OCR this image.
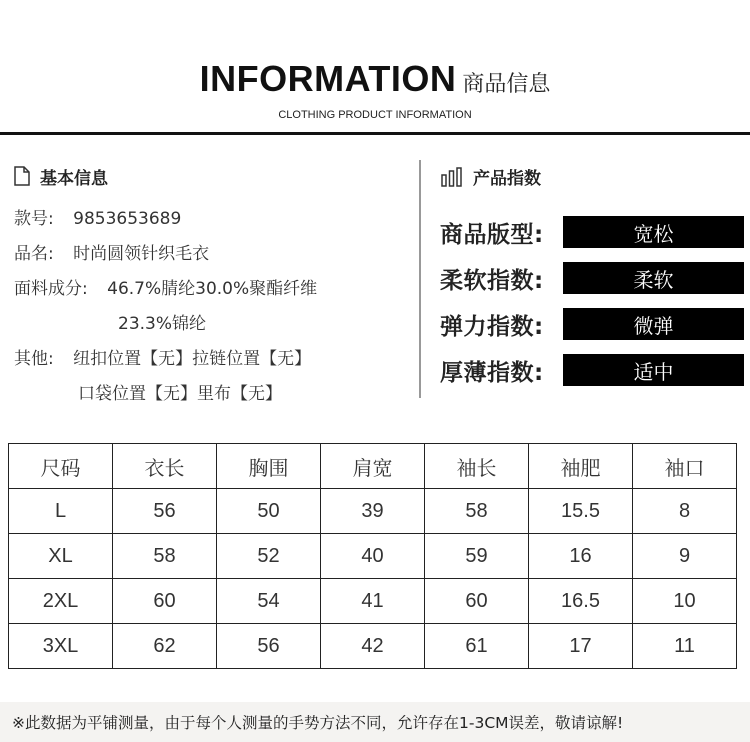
INFORMATION 商品信息
CLOTHING PRODUCT INFORMATION
基本信息
款号: 9853653689
品名: 时尚圆领针织毛衣
面料成分: 46.7%腈纶30.0%聚酯纤维
23.3%锦纶
其他: 纽扣位置【无】拉链位置【无】
口袋位置【无】里布【无】
产品指数
商品版型:	宽松
柔软指数:	柔软
弹力指数:	微弹
厚薄指数:	适中
尺码	衣长	胸围	肩宽	袖长	袖肥	袖口
L	56	50	39	58	15.5	8
XL	58	52	40	59	16	9
2XL	60	54	41	60	16.5	10
3XL	62	56	42	61	17	11
※此数据为平铺测量，由于每个人测量的手势方法不同，允许存在1-3CM误差，敬请谅解!
